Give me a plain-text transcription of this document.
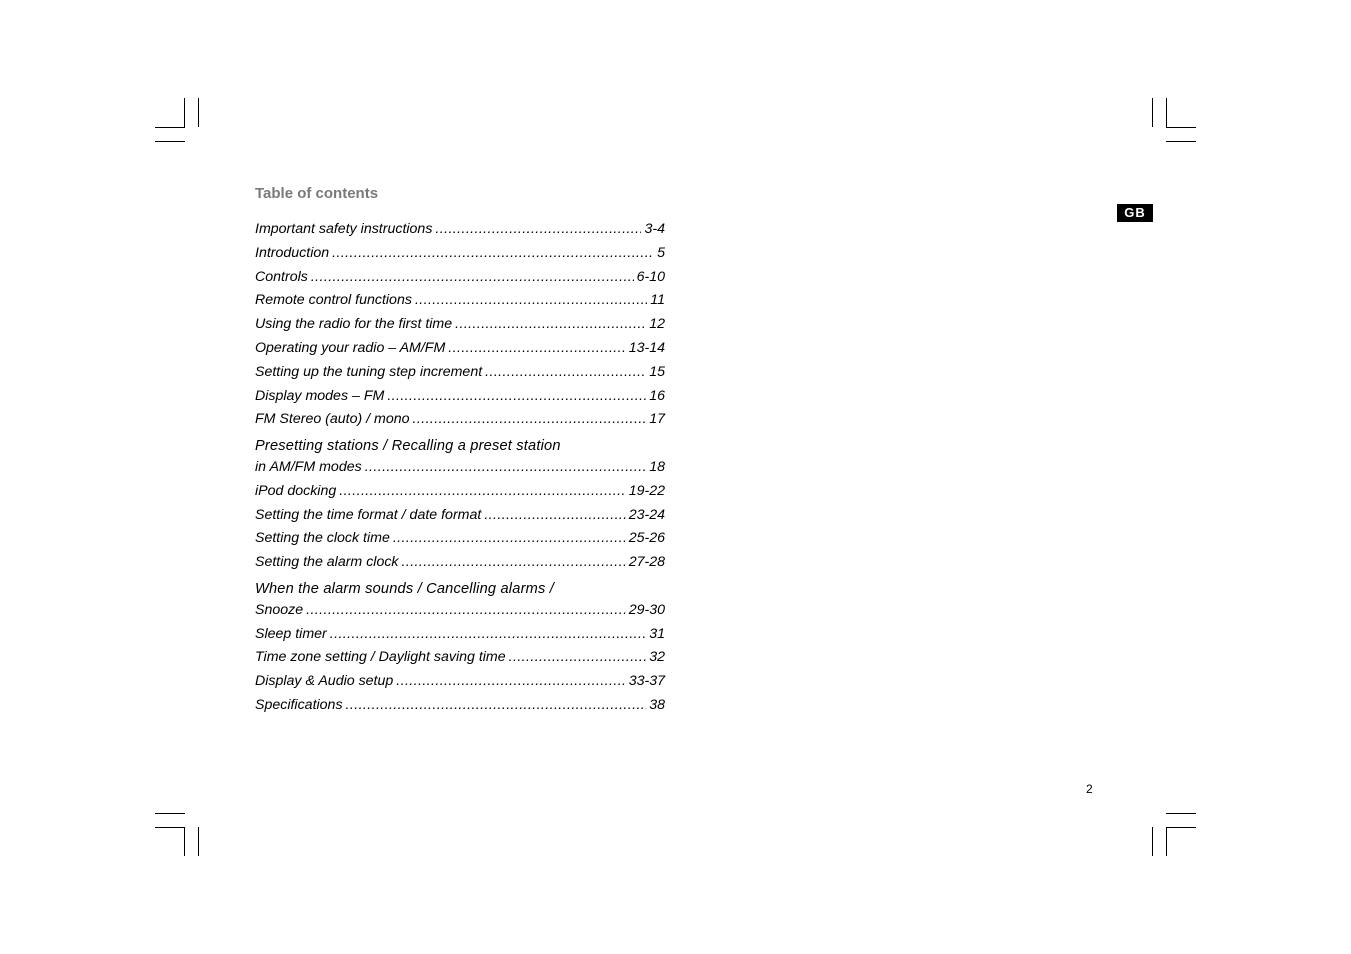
Table of contents
Important safety instructions .....	3-4
Introduction .....	5
Controls .....	6-10
Remote control functions .....	11
Using the radio for the first time .....	12
Operating your radio – AM/FM .....	13-14
Setting up the tuning step increment .....	15
Display modes – FM .....	16
FM Stereo (auto) / mono .....	17
Presetting stations / Recalling a preset station
in AM/FM modes .....	18
iPod docking .....	19-22
Setting the time format / date format .....	23-24
Setting the clock time .....	25-26
Setting the alarm clock .....	27-28
When the alarm sounds / Cancelling alarms /
Snooze .....	29-30
Sleep timer .....	31
Time zone setting / Daylight saving time .....	32
Display & Audio setup .....	33-37
Specifications .....	38
GB
2
